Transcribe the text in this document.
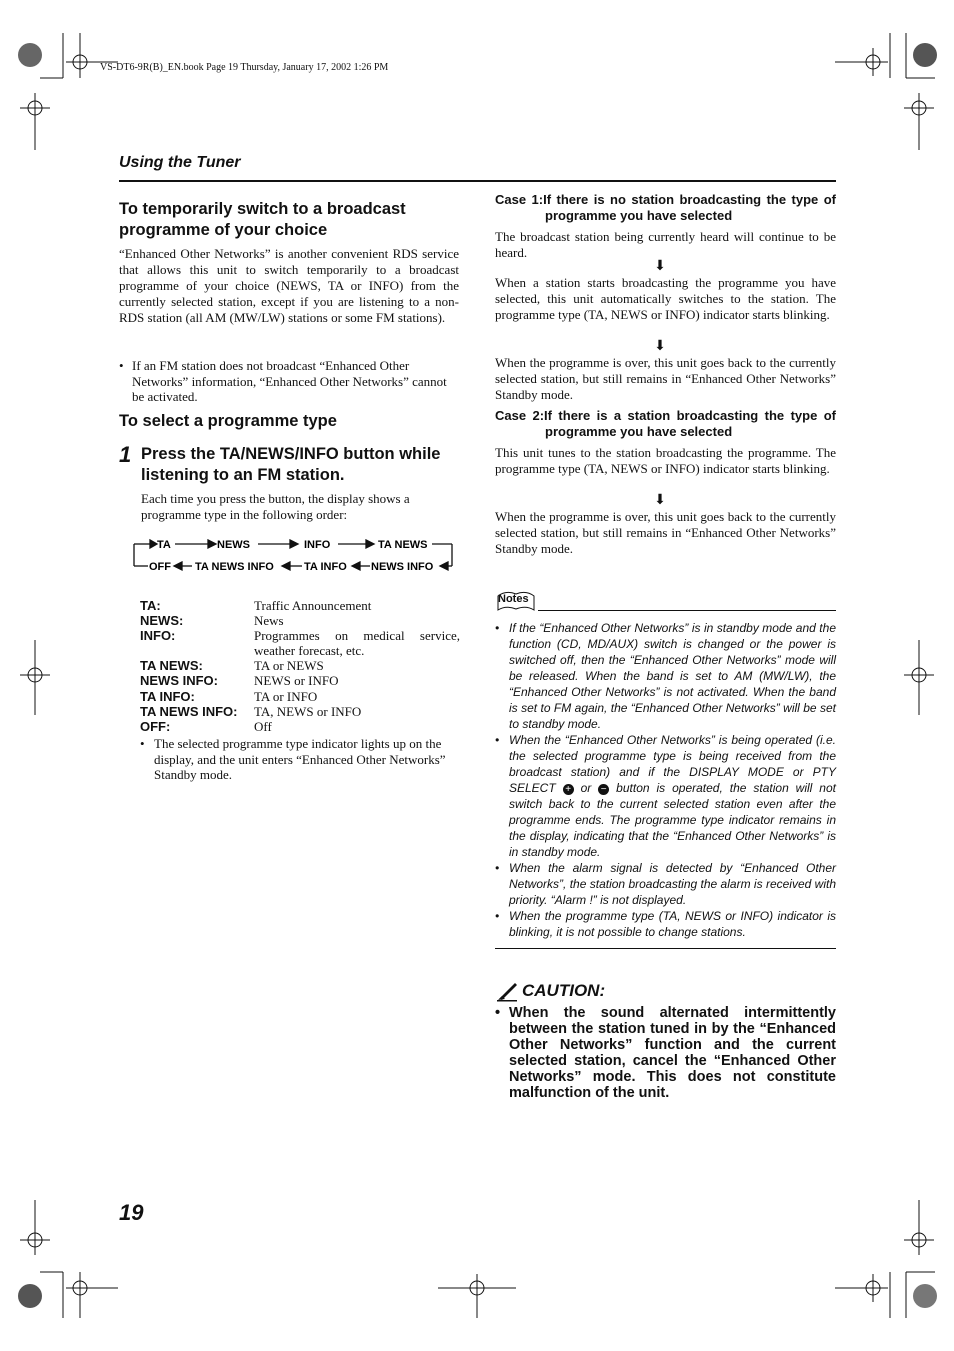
VS-DT6-9R(B)_EN.book Page 19 Thursday, January 17, 2002 1:26 PM
Using the Tuner
To temporarily switch to a broadcast programme of your choice
“Enhanced Other Networks” is another convenient RDS service that allows this unit to switch temporarily to a broadcast programme of your choice (NEWS, TA or INFO) from the currently selected station, except if you are listening to a non-RDS station (all AM (MW/LW) stations or some FM stations).
• If an FM station does not broadcast “Enhanced Other Networks” information, “Enhanced Other Networks” cannot be activated.
To select a programme type
1 Press the TA/NEWS/INFO button while listening to an FM station.
Each time you press the button, the display shows a programme type in the following order:
TA	NEWS	INFO	TA NEWS
OFF TA NEWS INFO	TA INFO NEWS INFO
TA:	Traffic Announcement
NEWS:	News
INFO:	Programmes on medical service, weather forecast, etc.
TA NEWS:	TA or NEWS
NEWS INFO:	NEWS or INFO
TA INFO:	TA or INFO
TA NEWS INFO:	TA, NEWS or INFO
OFF:	Off
• The selected programme type indicator lights up on the display, and the unit enters “Enhanced Other Networks” Standby mode.
Case 1:If there is no station broadcasting the type of programme you have selected
The broadcast station being currently heard will continue to be heard.
⬇
When a station starts broadcasting the programme you have selected, this unit automatically switches to the station. The programme type (TA, NEWS or INFO) indicator starts blinking.
⬇
When the programme is over, this unit goes back to the currently selected station, but still remains in “Enhanced Other Networks” Standby mode.
Case 2:If there is a station broadcasting the type of programme you have selected
This unit tunes to the station broadcasting the programme. The programme type (TA, NEWS or INFO) indicator starts blinking.
⬇
When the programme is over, this unit goes back to the currently selected station, but still remains in “Enhanced Other Networks” Standby mode.
Notes
• If the “Enhanced Other Networks” is in standby mode and the function (CD, MD/AUX) switch is changed or the power is switched off, then the “Enhanced Other Networks” mode will be released. When the band is set to AM (MW/LW), the “Enhanced Other Networks” is not activated. When the band is set to FM again, the “Enhanced Other Networks” will be set to standby mode.
• When the “Enhanced Other Networks” is being operated (i.e. the selected programme type is being received from the broadcast station) and if the DISPLAY MODE or PTY SELECT + or − button is operated, the station will not switch back to the current selected station even after the programme ends. The programme type indicator remains in the display, indicating that the “Enhanced Other Networks” is in standby mode.
• When the alarm signal is detected by “Enhanced Other Networks”, the station broadcasting the alarm is received with priority. “Alarm !” is not displayed.
• When the programme type (TA, NEWS or INFO) indicator is blinking, it is not possible to change stations.
CAUTION:
• When the sound alternated intermittently between the station tuned in by the “Enhanced Other Networks” function and the current selected station, cancel the “Enhanced Other Networks” mode. This does not constitute malfunction of the unit.
19
